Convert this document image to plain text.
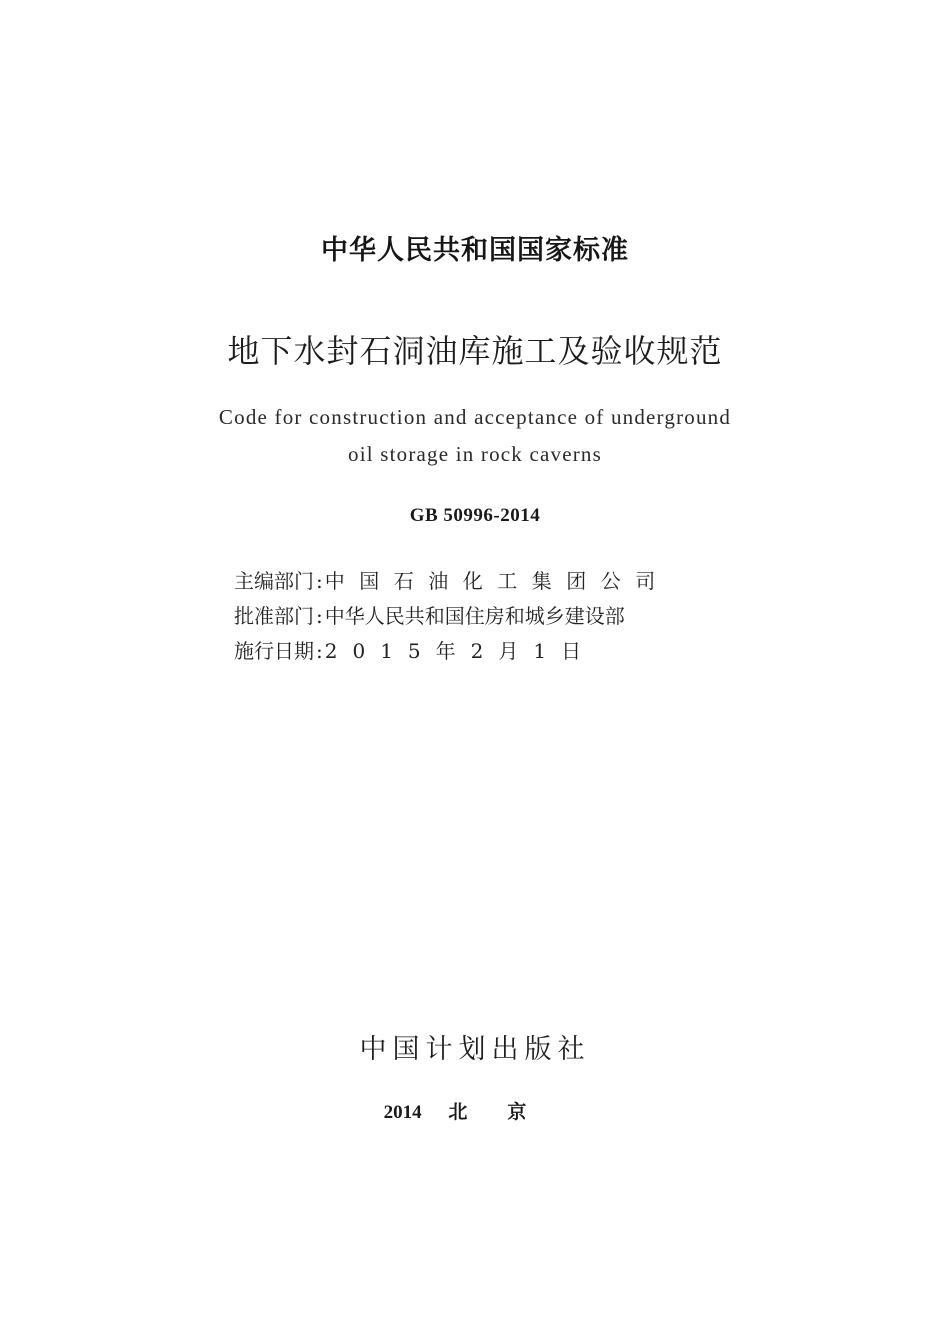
中华人民共和国国家标准
地下水封石洞油库施工及验收规范
Code for construction and acceptance of underground
oil storage in rock caverns
GB 50996-2014
主编部门 : 中国石油化工集团公司
批准部门 : 中华人民共和国住房和城乡建设部
施行日期 : 2015年2月1日
中国计划出版社
2014 北京
